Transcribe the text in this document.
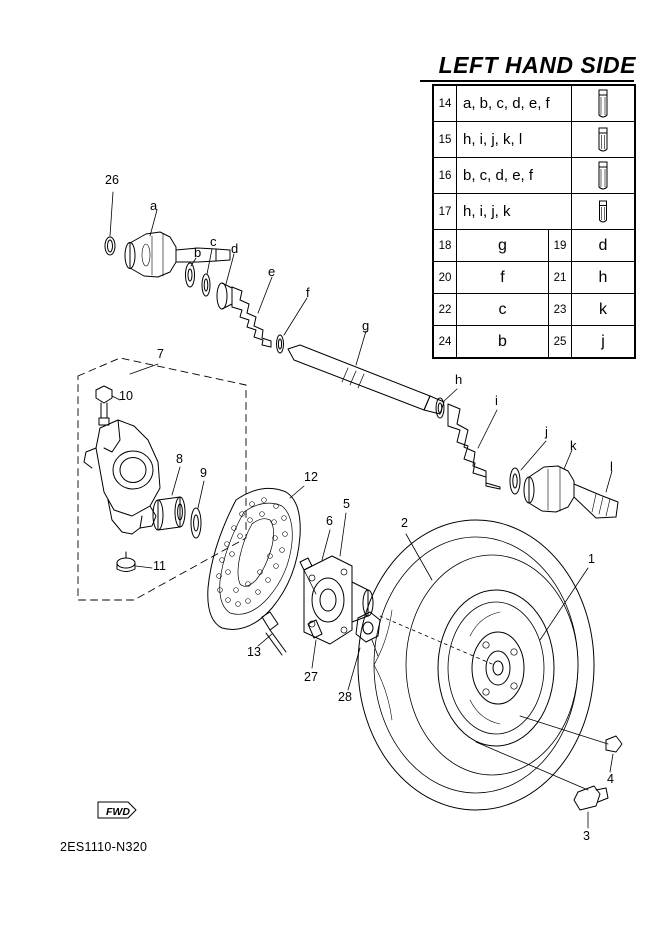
LEFT HAND SIDE
14	a, b, c, d, e, f	

15	h, i, j, k, l	

16	b, c, d, e, f	

17	h, i, j, k	

18	g	19	d
20	f	21	h
22	c	23	k
24	b	25	j
26
a
b
c d
e
f
g
h
i
j
k
l
7
10
8
9
11
12
13
5
6	2
1
27
28
4
3
FWD
2ES1110-N320
